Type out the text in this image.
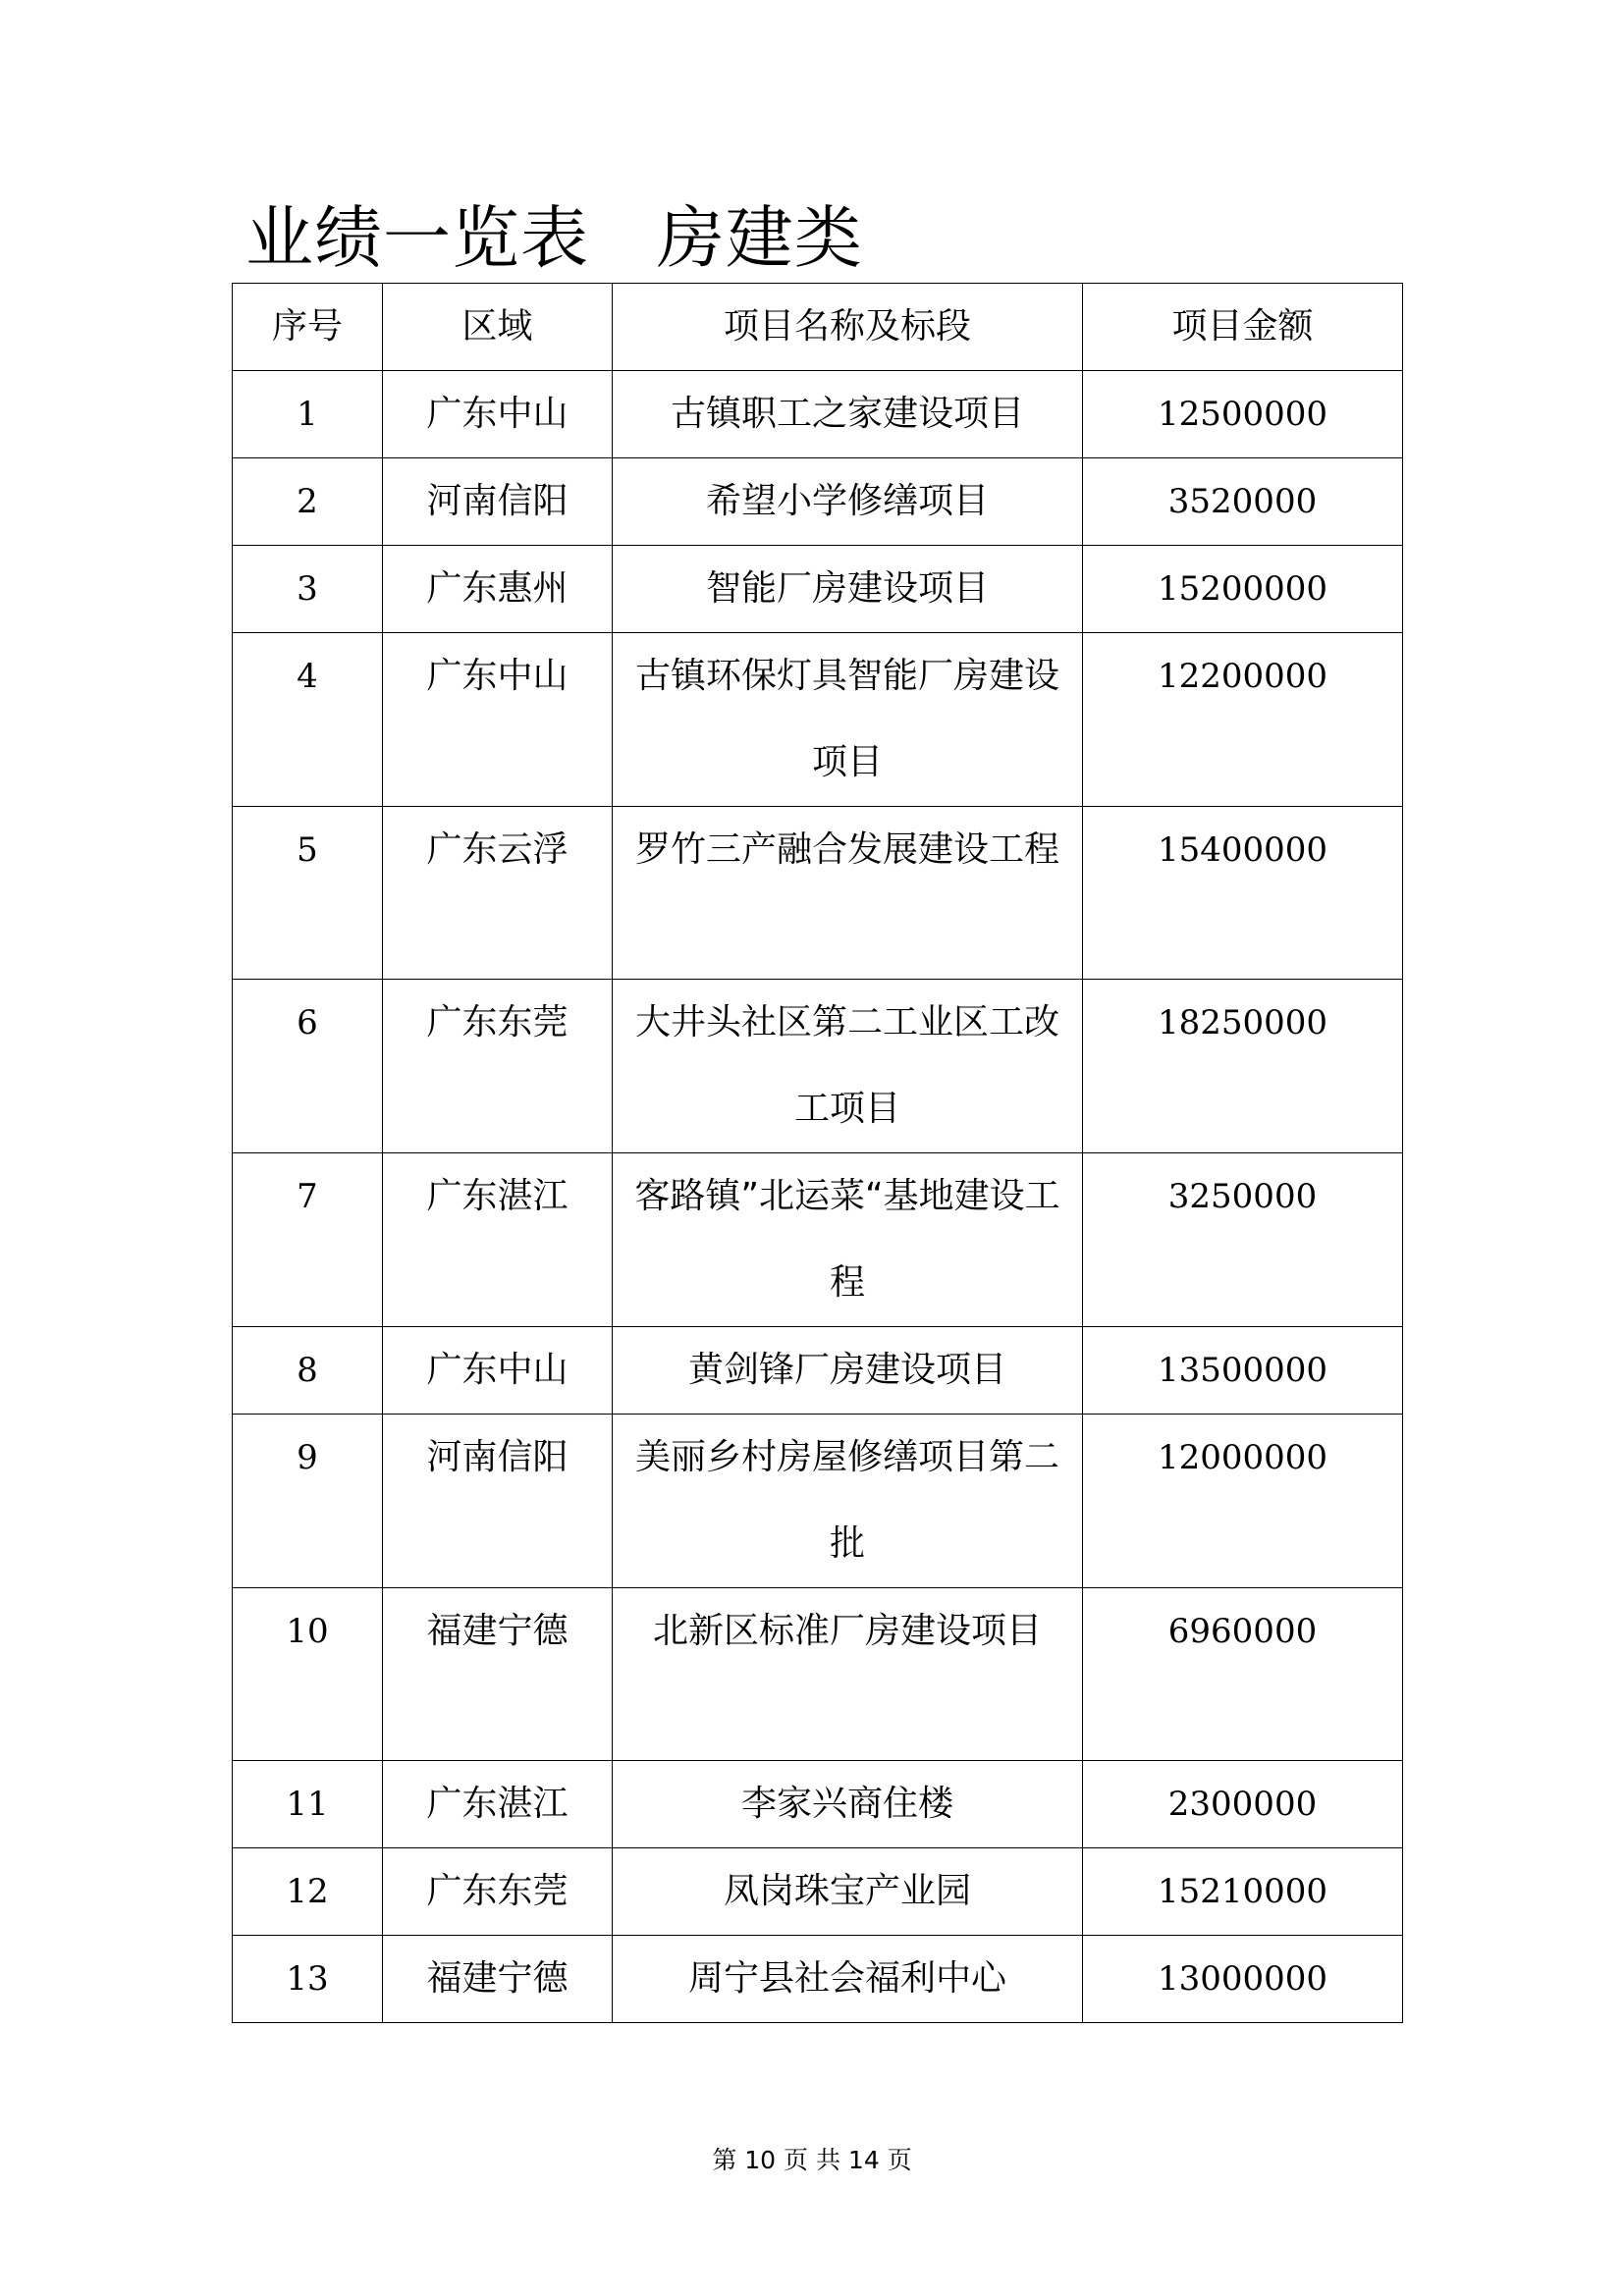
业绩一览表   房建类
序号	区域	项目名称及标段	项目金额
1	广东中山	古镇职工之家建设项目	12500000
2	河南信阳	希望小学修缮项目	3520000
3	广东惠州	智能厂房建设项目	15200000
4	广东中山	古镇环保灯具智能厂房建设项目	12200000
5	广东云浮	罗竹三产融合发展建设工程	15400000
6	广东东莞	大井头社区第二工业区工改工项目	18250000
7	广东湛江	客路镇”北运菜“基地建设工程	3250000
8	广东中山	黄剑锋厂房建设项目	13500000
9	河南信阳	美丽乡村房屋修缮项目第二批	12000000
10	福建宁德	北新区标准厂房建设项目	6960000
11	广东湛江	李家兴商住楼	2300000
12	广东东莞	凤岗珠宝产业园	15210000
13	福建宁德	周宁县社会福利中心	13000000
第 10 页 共 14 页
